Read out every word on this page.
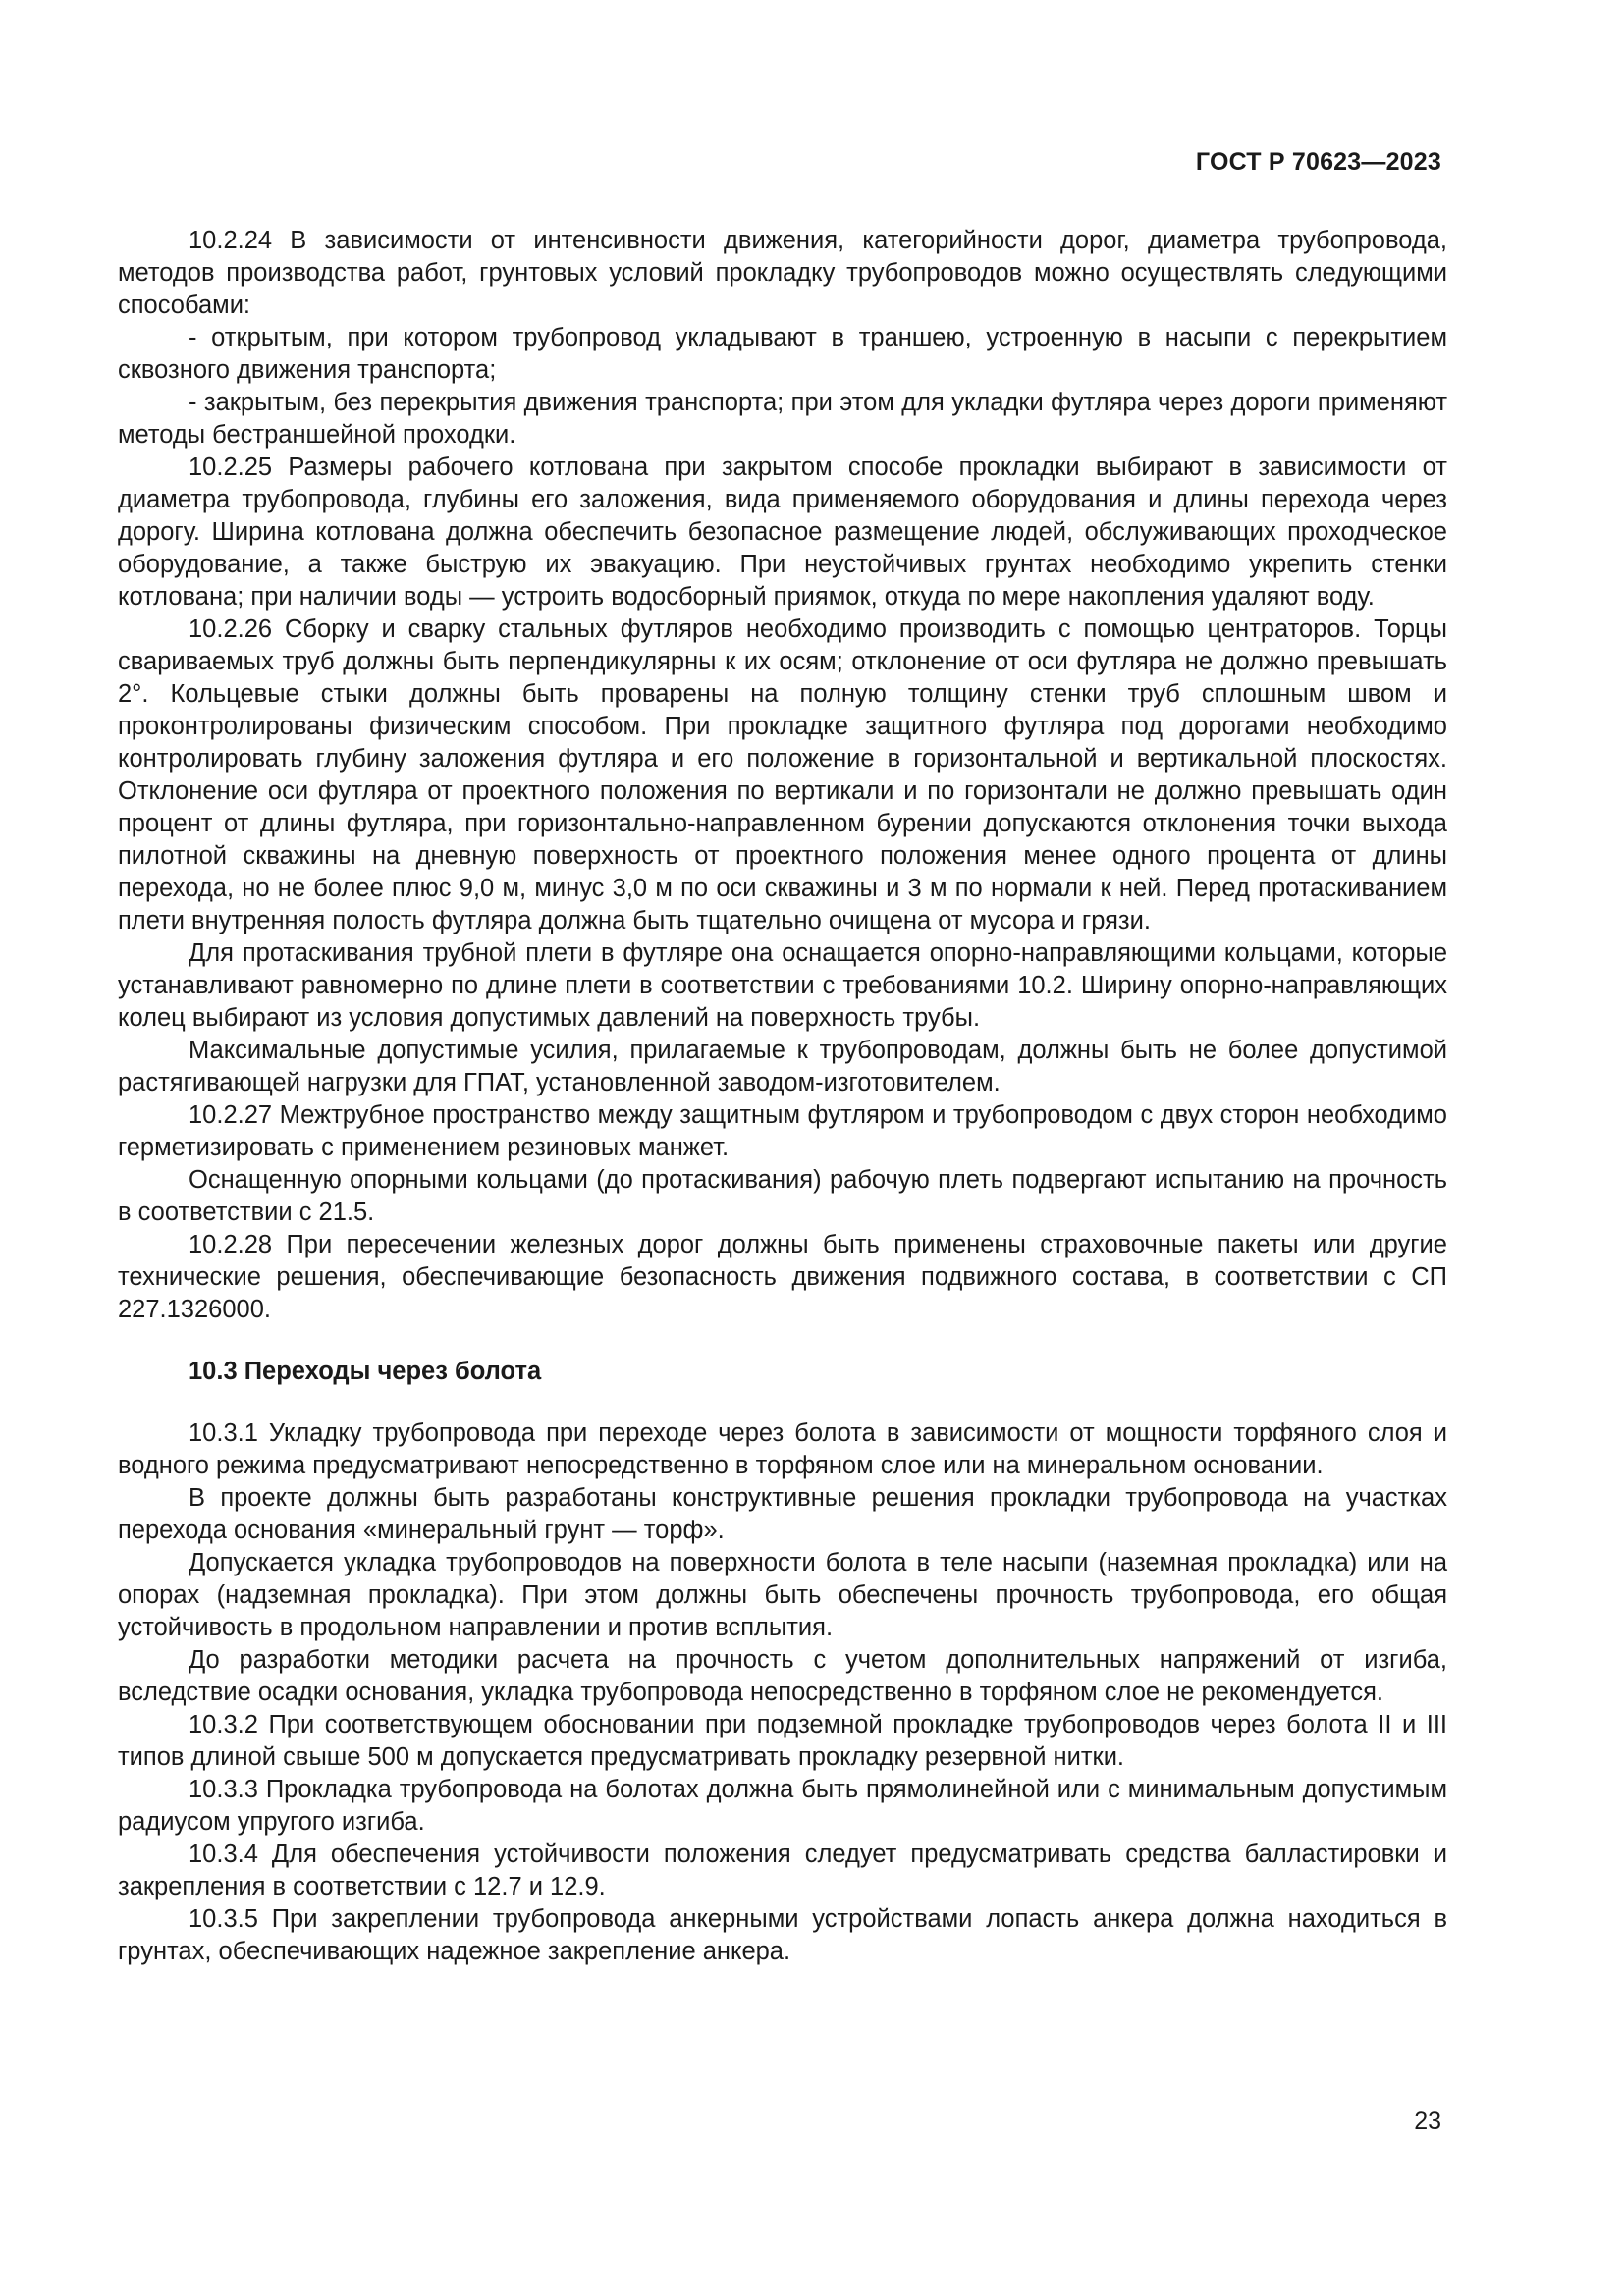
ГОСТ Р 70623—2023

10.2.24 В зависимости от интенсивности движения, категорийности дорог, диаметра трубопровода, методов производства работ, грунтовых условий прокладку трубопроводов можно осуществлять следующими способами:

- открытым, при котором трубопровод укладывают в траншею, устроенную в насыпи с перекрытием сквозного движения транспорта;

- закрытым, без перекрытия движения транспорта; при этом для укладки футляра через дороги применяют методы бестраншейной проходки.

10.2.25 Размеры рабочего котлована при закрытом способе прокладки выбирают в зависимости от диаметра трубопровода, глубины его заложения, вида применяемого оборудования и длины перехода через дорогу. Ширина котлована должна обеспечить безопасное размещение людей, обслуживающих проходческое оборудование, а также быструю их эвакуацию. При неустойчивых грунтах необходимо укрепить стенки котлована; при наличии воды — устроить водосборный приямок, откуда по мере накопления удаляют воду.

10.2.26 Сборку и сварку стальных футляров необходимо производить с помощью центраторов. Торцы свариваемых труб должны быть перпендикулярны к их осям; отклонение от оси футляра не должно превышать 2°. Кольцевые стыки должны быть проварены на полную толщину стенки труб сплошным швом и проконтролированы физическим способом. При прокладке защитного футляра под дорогами необходимо контролировать глубину заложения футляра и его положение в горизонтальной и вертикальной плоскостях. Отклонение оси футляра от проектного положения по вертикали и по горизонтали не должно превышать один процент от длины футляра, при горизонтально-направленном бурении допускаются отклонения точки выхода пилотной скважины на дневную поверхность от проектного положения менее одного процента от длины перехода, но не более плюс 9,0 м, минус 3,0 м по оси скважины и 3 м по нормали к ней. Перед протаскиванием плети внутренняя полость футляра должна быть тщательно очищена от мусора и грязи.

Для протаскивания трубной плети в футляре она оснащается опорно-направляющими кольцами, которые устанавливают равномерно по длине плети в соответствии с требованиями 10.2. Ширину опорно-направляющих колец выбирают из условия допустимых давлений на поверхность трубы.

Максимальные допустимые усилия, прилагаемые к трубопроводам, должны быть не более допустимой растягивающей нагрузки для ГПАТ, установленной заводом-изготовителем.

10.2.27 Межтрубное пространство между защитным футляром и трубопроводом с двух сторон необходимо герметизировать с применением резиновых манжет.

Оснащенную опорными кольцами (до протаскивания) рабочую плеть подвергают испытанию на прочность в соответствии с 21.5.

10.2.28 При пересечении железных дорог должны быть применены страховочные пакеты или другие технические решения, обеспечивающие безопасность движения подвижного состава, в соответствии с СП 227.1326000.

10.3 Переходы через болота

10.3.1 Укладку трубопровода при переходе через болота в зависимости от мощности торфяного слоя и водного режима предусматривают непосредственно в торфяном слое или на минеральном основании.

В проекте должны быть разработаны конструктивные решения прокладки трубопровода на участках перехода основания «минеральный грунт — торф».

Допускается укладка трубопроводов на поверхности болота в теле насыпи (наземная прокладка) или на опорах (надземная прокладка). При этом должны быть обеспечены прочность трубопровода, его общая устойчивость в продольном направлении и против всплытия.

До разработки методики расчета на прочность с учетом дополнительных напряжений от изгиба, вследствие осадки основания, укладка трубопровода непосредственно в торфяном слое не рекомендуется.

10.3.2 При соответствующем обосновании при подземной прокладке трубопроводов через болота II и III типов длиной свыше 500 м допускается предусматривать прокладку резервной нитки.

10.3.3 Прокладка трубопровода на болотах должна быть прямолинейной или с минимальным допустимым радиусом упругого изгиба.

10.3.4 Для обеспечения устойчивости положения следует предусматривать средства балластировки и закрепления в соответствии с 12.7 и 12.9.

10.3.5 При закреплении трубопровода анкерными устройствами лопасть анкера должна находиться в грунтах, обеспечивающих надежное закрепление анкера.

23
